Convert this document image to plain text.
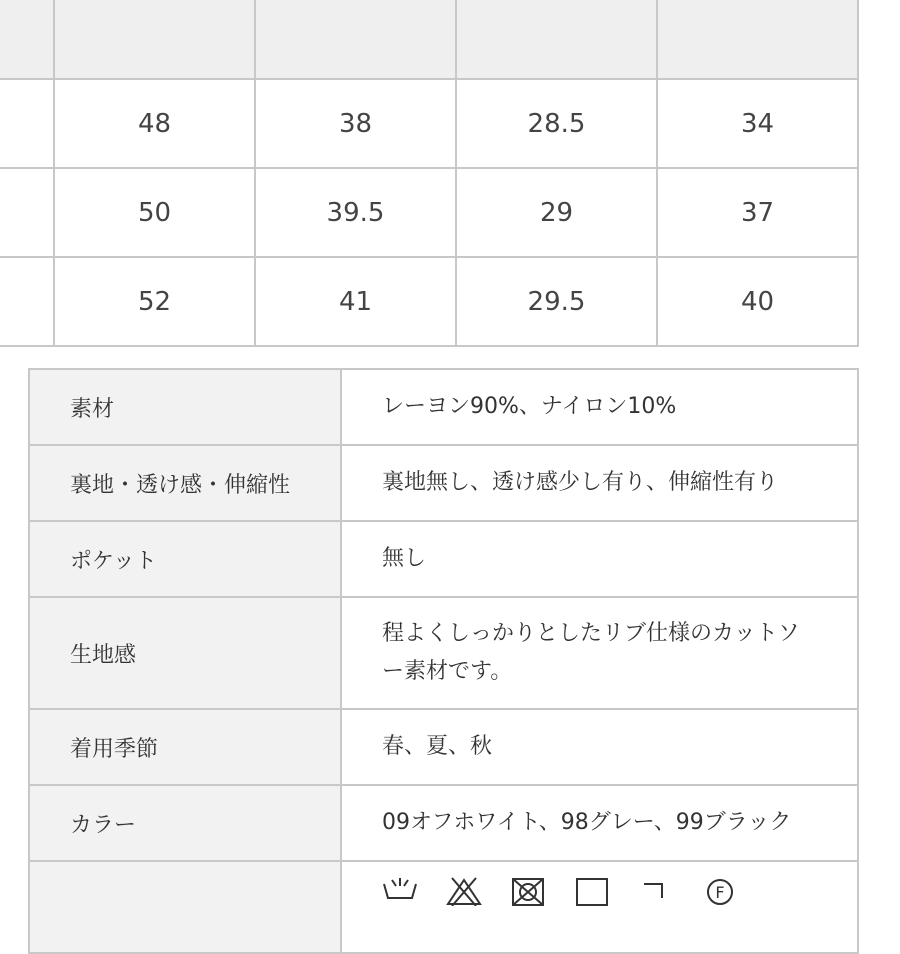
	48	38	28.5	34
	50	39.5	29	37
	52	41	29.5	40
素材	レーヨン90%、ナイロン10%
裏地・透け感・伸縮性	裏地無し、透け感少し有り、伸縮性有り
ポケット	無し
生地感	程よくしっかりとしたリブ仕様のカットソー素材です。
着用季節	春、夏、秋
カラー	09オフホワイト、98グレー、99ブラック

F
